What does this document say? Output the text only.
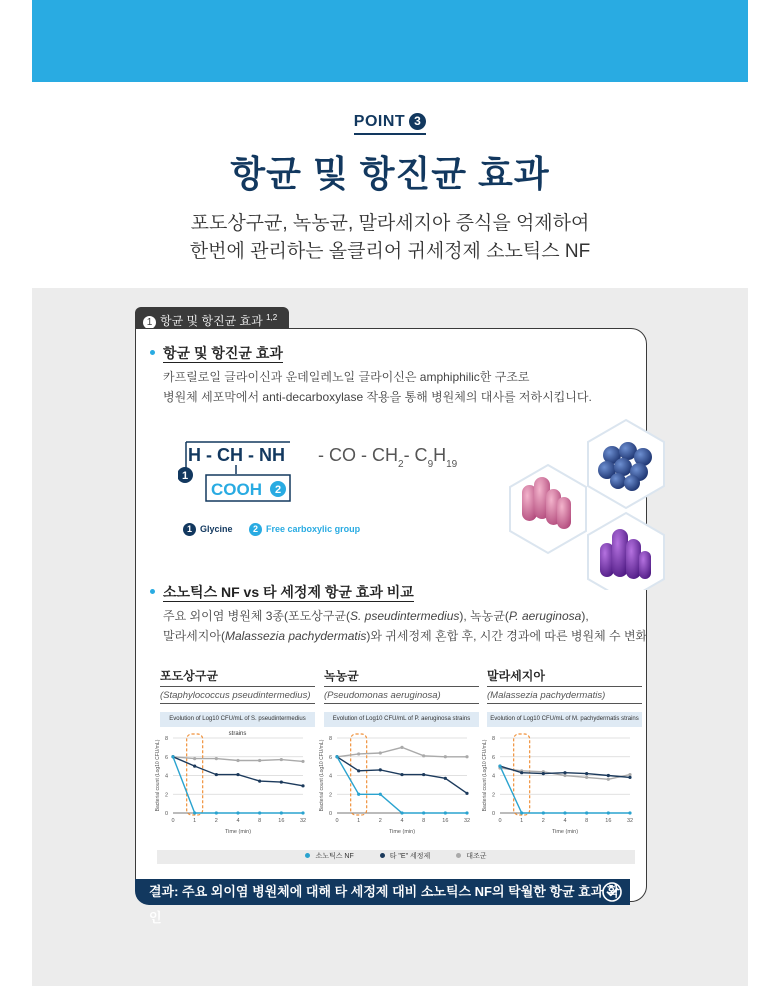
POINT 3
항균 및 항진균 효과
포도상구균, 녹농균, 말라세지아 증식을 억제하여
한번에 관리하는 올클리어 귀세정제 소노틱스 NF
1 항균 및 항진균 효과 $^{1,2}$
항균 및 항진균 효과
카프릴로일 글라이신과 운데일레노일 글라이신은 amphiphilic한 구조로
병원체 세포막에서 anti-decarboxylase 작용을 통해 병원체의 대사를 저하시킵니다.
H - CH - NH
COOH 2
1
- CO - $CH_2-$ $C_9H_{19}$
1 Glycine 2 Free carboxylic group
소노틱스 NF vs 타 세정제 항균 효과 비교
주요 외이염 병원체 3종(포도상구균(S. pseudintermedius), 녹농균(P. aeruginosa),
말라세지아(Malassezia pachydermatis)와 귀세정제 혼합 후, 시간 경과에 따른 병원체 수 변화
포도상구균
(Staphylococcus pseudintermedius)
Evolution of Log10 CFU/mL of S. pseudintermedius strains
녹농균
(Pseudomonas aeruginosa)
Evolution of Log10 CFU/mL of P. aeruginosa strains
말라세지아
(Malassezia pachydermatis)
Evolution of Log10 CFU/mL of M. pachydermatis strains
0
2
4
6
8
0	1	2	4	8	16	32
Time (min)
Bacterial count (Log10 CFU/mL)
0
2
4
6
8
0	1	2	4	8	16	32
Time (min)
Bacterial count (Log10 CFU/mL)
0
2
4
6
8
0	1	2	4	8	16	32
Time (min)
Bacterial count (Log10 CFU/mL)
소노틱스 NF	타 "E" 세정제	대조군
결과: 주요 외이염 병원체에 대해 타 세정제 대비 소노틱스 NF의 탁월한 항균 효과 확인
